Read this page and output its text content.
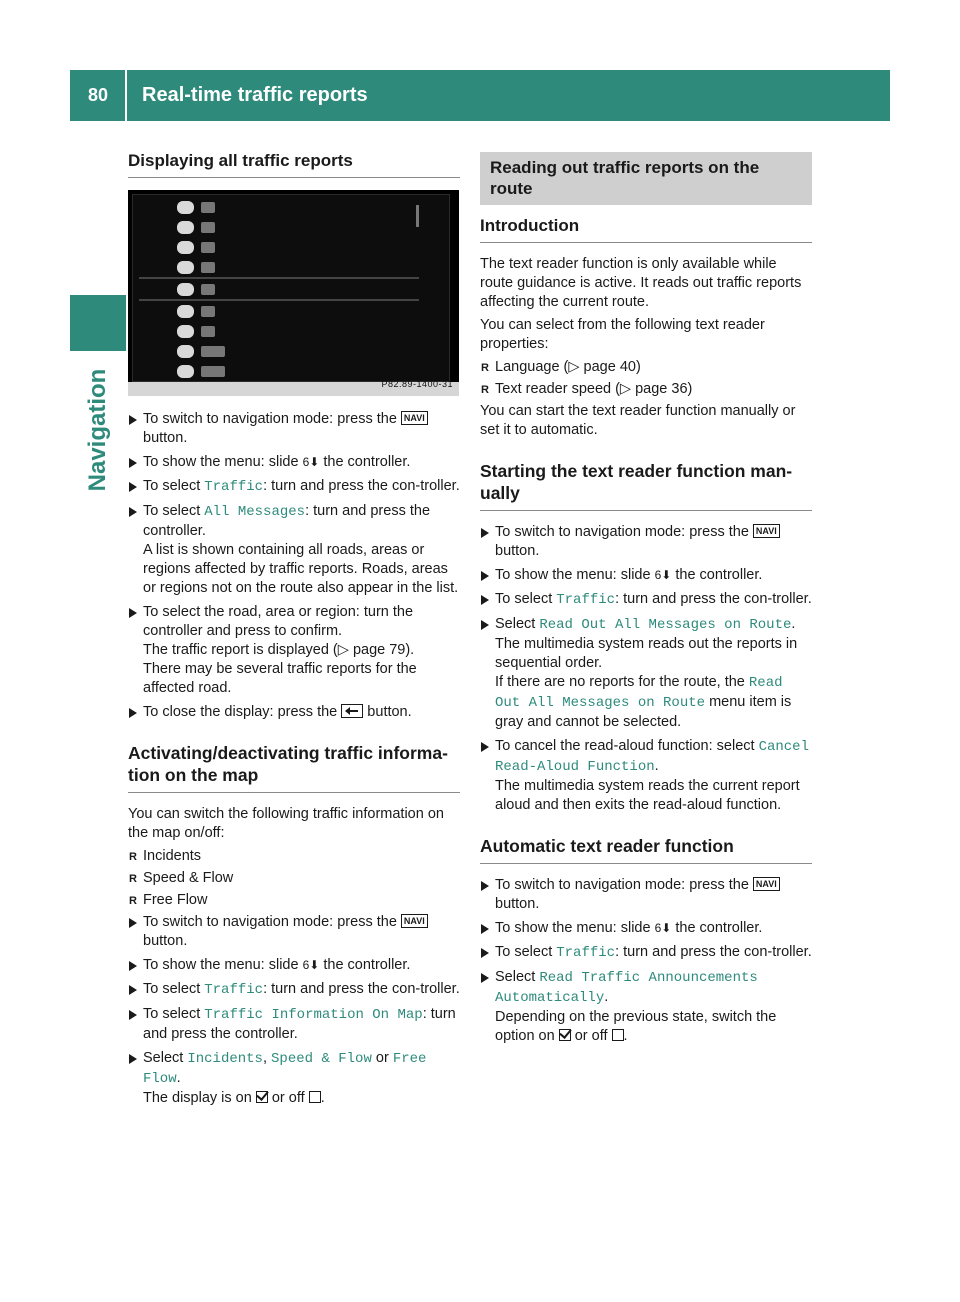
80	Real-time traffic reports
Navigation
Displaying all traffic reports
P82.89-1400-31
To switch to navigation mode: press the NAVI
button.
To show the menu: slide 6⬇ the controller.
To select Traffic: turn and press the con-troller.
To select All Messages: turn and press the controller.
A list is shown containing all roads, areas or regions affected by traffic reports. Roads, areas or regions not on the route also appear in the list.
To select the road, area or region: turn the controller and press to confirm.
The traffic report is displayed (▷ page 79).
There may be several traffic reports for the affected road.
To close the display: press the  button.
Activating/deactivating traffic informa-tion on the map

You can switch the following traffic information on the map on/off:

R Incidents
R Speed & Flow
R Free Flow
To switch to navigation mode: press the NAVI
button.
To show the menu: slide 6⬇ the controller.
To select Traffic: turn and press the con-troller.
To select Traffic Information On Map: turn and press the controller.
Select Incidents, Speed & Flow or Free Flow.
The display is on  or off .
Reading out traffic reports on the route
Introduction

The text reader function is only available while route guidance is active. It reads out traffic reports affecting the current route.

You can select from the following text reader properties:

R Language (▷ page 40)
R Text reader speed (▷ page 36)

You can start the text reader function manually or set it to automatic.

Starting the text reader function man-ually
To switch to navigation mode: press the NAVI
button.
To show the menu: slide 6⬇ the controller.
To select Traffic: turn and press the con-troller.
Select Read Out All Messages on Route.
The multimedia system reads out the reports in sequential order.
If there are no reports for the route, the Read Out All Messages on Route menu item is gray and cannot be selected.
To cancel the read-aloud function: select Cancel Read-Aloud Function.
The multimedia system reads the current report aloud and then exits the read-aloud function.
Automatic text reader function
To switch to navigation mode: press the NAVI
button.
To show the menu: slide 6⬇ the controller.
To select Traffic: turn and press the con-troller.
Select Read Traffic Announcements Automatically.
Depending on the previous state, switch the option on  or off .
